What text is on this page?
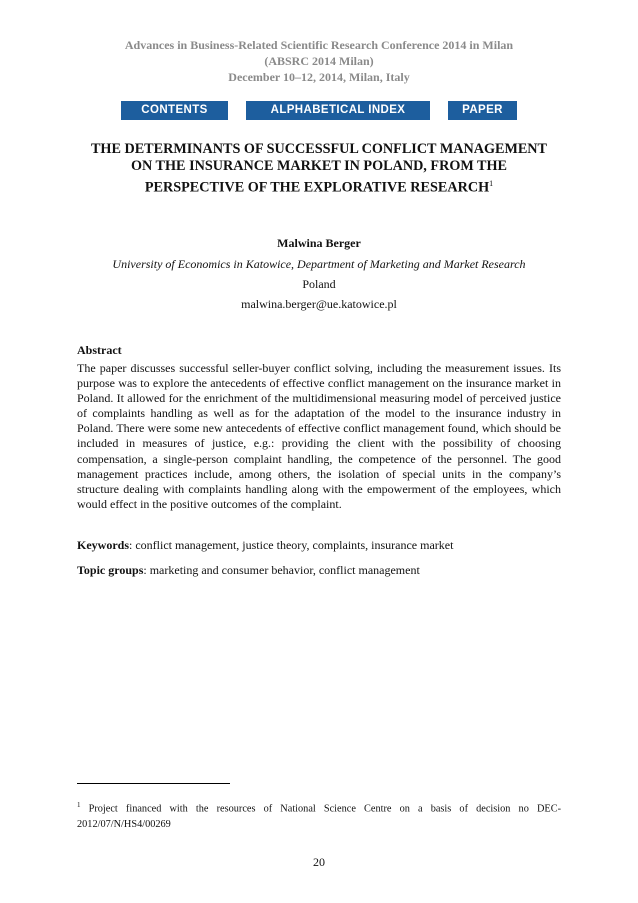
Advances in Business-Related Scientific Research Conference 2014 in Milan
(ABSRC 2014 Milan)
December 10–12, 2014, Milan, Italy
CONTENTS	ALPHABETICAL INDEX	PAPER
THE DETERMINANTS OF SUCCESSFUL CONFLICT MANAGEMENT
ON THE INSURANCE MARKET IN POLAND, FROM THE
PERSPECTIVE OF THE EXPLORATIVE RESEARCH$^1$
Malwina Berger
University of Economics in Katowice, Department of Marketing and Market Research
Poland
malwina.berger@ue.katowice.pl
Abstract
The paper discusses successful seller-buyer conflict solving, including the measurement issues. Its purpose was to explore the antecedents of effective conflict management on the insurance market in Poland. It allowed for the enrichment of the multidimensional measuring model of perceived justice of complaints handling as well as for the adaptation of the model to the insurance industry in Poland. There were some new antecedents of effective conflict management found, which should be included in measures of justice, e.g.: providing the client with the possibility of choosing compensation, a single-person complaint handling, the competence of the personnel. The good management practices include, among others, the isolation of special units in the company’s structure dealing with complaints handling along with the empowerment of the employees, which would effect in the positive outcomes of the complaint.
Keywords: conflict management, justice theory, complaints, insurance market
Topic groups: marketing and consumer behavior, conflict management
$^1$ Project financed with the resources of National Science Centre on a basis of decision no DEC-2012/07/N/HS4/00269
20
